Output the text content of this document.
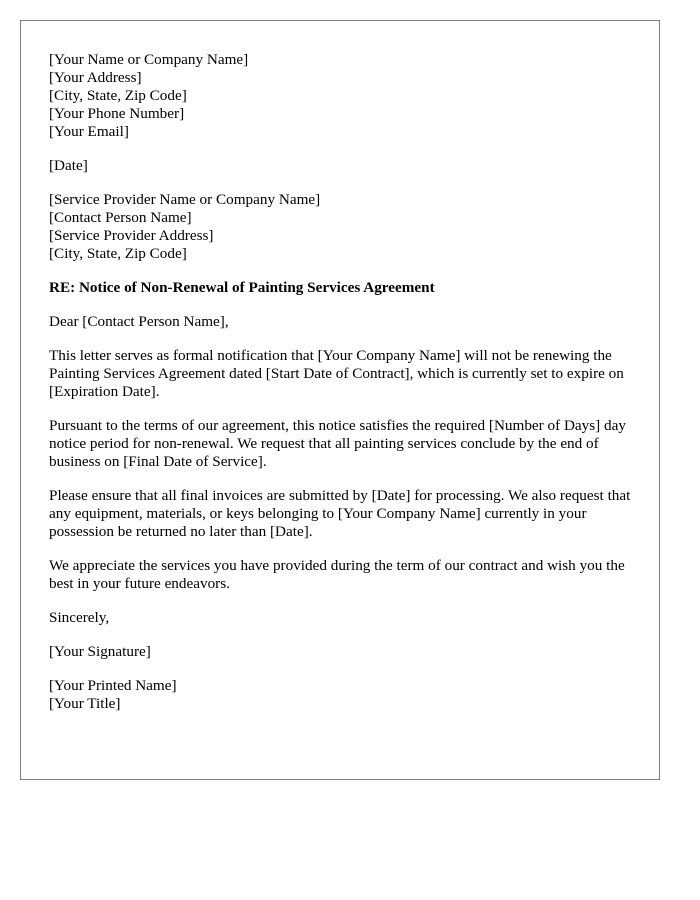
[Your Name or Company Name]
[Your Address]
[City, State, Zip Code]
[Your Phone Number]
[Your Email]
[Date]
[Service Provider Name or Company Name]
[Contact Person Name]
[Service Provider Address]
[City, State, Zip Code]
RE: Notice of Non-Renewal of Painting Services Agreement
Dear [Contact Person Name],

This letter serves as formal notification that [Your Company Name] will not be renewing the Painting Services Agreement dated [Start Date of Contract], which is currently set to expire on [Expiration Date].

Pursuant to the terms of our agreement, this notice satisfies the required [Number of Days] day notice period for non-renewal. We request that all painting services conclude by the end of business on [Final Date of Service].

Please ensure that all final invoices are submitted by [Date] for processing. We also request that any equipment, materials, or keys belonging to [Your Company Name] currently in your possession be returned no later than [Date].

We appreciate the services you have provided during the term of our contract and wish you the best in your future endeavors.

Sincerely,
[Your Signature]
[Your Printed Name]
[Your Title]
